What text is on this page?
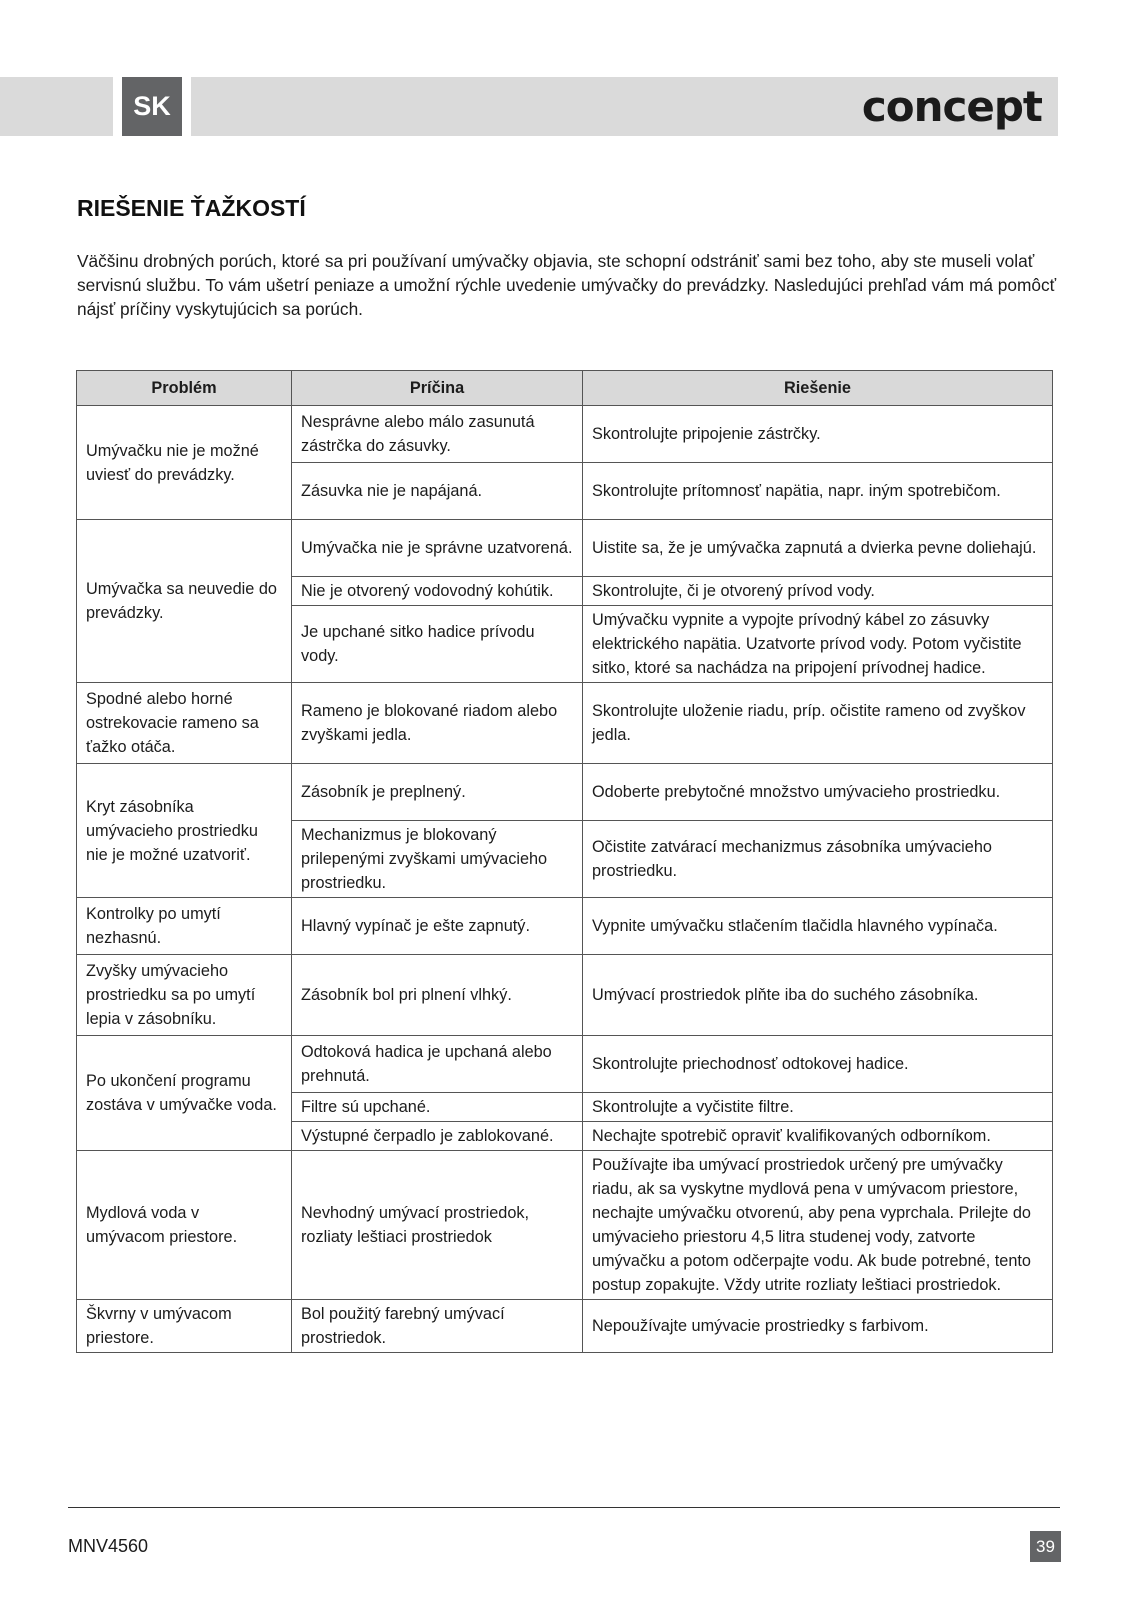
SK	concept
RIEŠENIE ŤAŽKOSTÍ

Väčšinu drobných porúch, ktoré sa pri používaní umývačky objavia, ste schopní odstrániť sami bez toho, aby ste museli volať servisnú službu. To vám ušetrí peniaze a umožní rýchle uvedenie umývačky do prevádzky. Nasledujúci prehľad vám má pomôcť nájsť príčiny vyskytujúcich sa porúch.

Problém	Príčina	Riešenie
Umývačku nie je možné uviesť do prevádzky.	Nesprávne alebo málo zasunutá zástrčka do zásuvky.	Skontrolujte pripojenie zástrčky.
	Zásuvka nie je napájaná.	Skontrolujte prítomnosť napätia, napr. iným spotrebičom.
Umývačka sa neuvedie do prevádzky.	Umývačka nie je správne uzatvorená.	Uistite sa, že je umývačka zapnutá a dvierka pevne doliehajú.
	Nie je otvorený vodovodný kohútik.	Skontrolujte, či je otvorený prívod vody.
	Je upchané sitko hadice prívodu vody.	Umývačku vypnite a vypojte prívodný kábel zo zásuvky elektrického napätia. Uzatvorte prívod vody. Potom vyčistite sitko, ktoré sa nachádza na pripojení prívodnej hadice.
Spodné alebo horné ostrekovacie rameno sa ťažko otáča.	Rameno je blokované riadom alebo zvyškami jedla.	Skontrolujte uloženie riadu, príp. očistite rameno od zvyškov jedla.
Kryt zásobníka umývacieho prostriedku nie je možné uzatvoriť.	Zásobník je preplnený.	Odoberte prebytočné množstvo umývacieho prostriedku.
	Mechanizmus je blokovaný prilepenými zvyškami umývacieho prostriedku.	Očistite zatvárací mechanizmus zásobníka umývacieho prostriedku.
Kontrolky po umytí nezhasnú.	Hlavný vypínač je ešte zapnutý.	Vypnite umývačku stlačením tlačidla hlavného vypínača.
Zvyšky umývacieho prostriedku sa po umytí lepia v zásobníku.	Zásobník bol pri plnení vlhký.	Umývací prostriedok plňte iba do suchého zásobníka.
Po ukončení programu zostáva v umývačke voda.	Odtoková hadica je upchaná alebo prehnutá.	Skontrolujte priechodnosť odtokovej hadice.
	Filtre sú upchané.	Skontrolujte a vyčistite filtre.
	Výstupné čerpadlo je zablokované.	Nechajte spotrebič opraviť kvalifikovaných odborníkom.
Mydlová voda v umývacom priestore.	Nevhodný umývací prostriedok, rozliaty leštiaci prostriedok	Používajte iba umývací prostriedok určený pre umývačky riadu, ak sa vyskytne mydlová pena v umývacom priestore, nechajte umývačku otvorenú, aby pena vyprchala. Prilejte do umývacieho priestoru 4,5 litra studenej vody, zatvorte umývačku a potom odčerpajte vodu. Ak bude potrebné, tento postup zopakujte. Vždy utrite rozliaty leštiaci prostriedok.
Škvrny v umývacom priestore.	Bol použitý farebný umývací prostriedok.	Nepoužívajte umývacie prostriedky s farbivom.
MNV4560	39
